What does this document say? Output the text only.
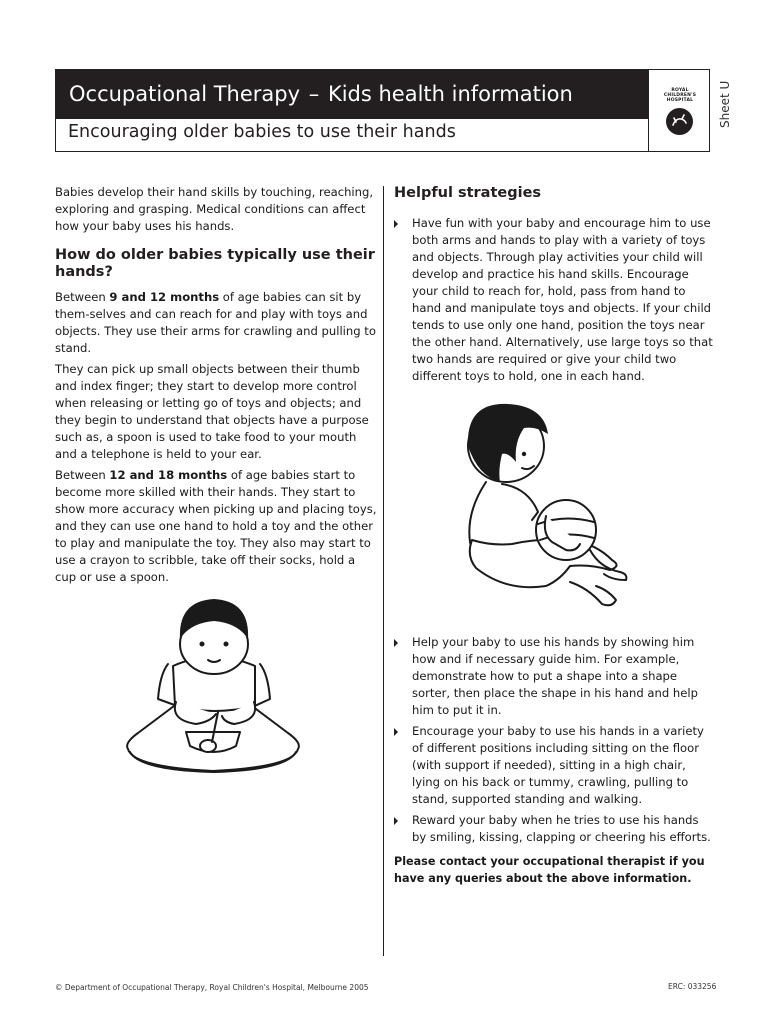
Occupational Therapy – Kids health information
Encouraging older babies to use their hands
ROYAL
CHILDREN'S
HOSPITAL	Sheet U

Babies develop their hand skills by touching, reaching, exploring and grasping. Medical conditions can affect how your baby uses his hands.

How do older babies typically use their hands?

Between 9 and 12 months of age babies can sit by them-selves and can reach for and play with toys and objects. They use their arms for crawling and pulling to stand.

They can pick up small objects between their thumb and index finger; they start to develop more control when releasing or letting go of toys and objects; and they begin to understand that objects have a purpose such as, a spoon is used to take food to your mouth and a telephone is held to your ear.

Between 12 and 18 months of age babies start to become more skilled with their hands. They start to show more accuracy when picking up and placing toys, and they can use one hand to hold a toy and the other to play and manipulate the toy. They also may start to use a crayon to scribble, take off their socks, hold a cup or use a spoon.

Helpful strategies
Have fun with your baby and encourage him to use both arms and hands to play with a variety of toys and objects. Through play activities your child will develop and practice his hand skills. Encourage your child to reach for, hold, pass from hand to hand and manipulate toys and objects. If your child tends to use only one hand, position the toys near the other hand. Alternatively, use large toys so that two hands are required or give your child two different toys to hold, one in each hand.
Help your baby to use his hands by showing him how and if necessary guide him. For example, demonstrate how to put a shape into a shape sorter, then place the shape in his hand and help him to put it in.
Encourage your baby to use his hands in a variety of different positions including sitting on the floor (with support if needed), sitting in a high chair, lying on his back or tummy, crawling, pulling to stand, supported standing and walking.
Reward your baby when he tries to use his hands by smiling, kissing, clapping or cheering his efforts.
Please contact your occupational therapist if you have any queries about the above information.
© Department of Occupational Therapy, Royal Children's Hospital, Melbourne 2005	ERC: 033256
